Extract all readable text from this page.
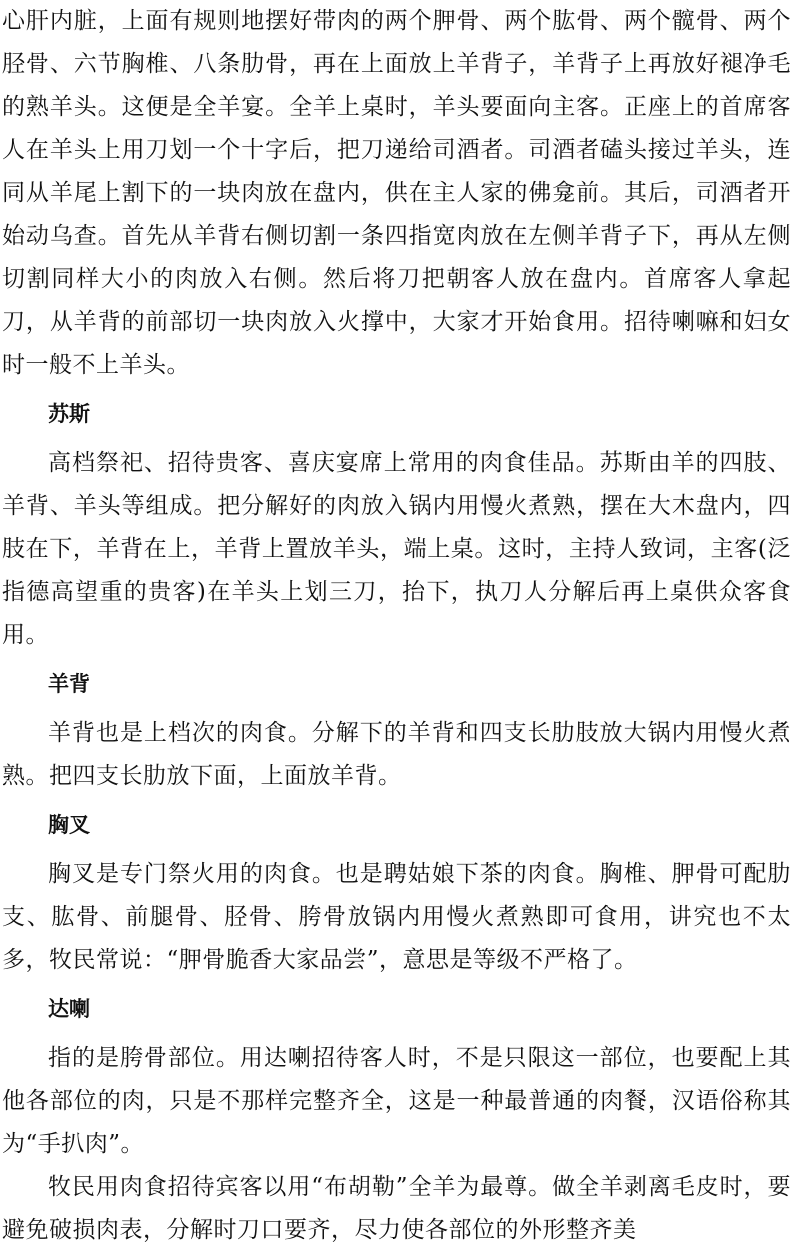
心肝内脏，上面有规则地摆好带肉的两个胛骨、两个肱骨、两个髋骨、两个胫骨、六节胸椎、八条肋骨，再在上面放上羊背子，羊背子上再放好褪净毛的熟羊头。这便是全羊宴。全羊上桌时，羊头要面向主客。正座上的首席客人在羊头上用刀划一个十字后，把刀递给司酒者。司酒者磕头接过羊头，连同从羊尾上割下的一块肉放在盘内，供在主人家的佛龛前。其后，司酒者开始动乌查。首先从羊背右侧切割一条四指宽肉放在左侧羊背子下，再从左侧切割同样大小的肉放入右侧。然后将刀把朝客人放在盘内。首席客人拿起刀，从羊背的前部切一块肉放入火撑中，大家才开始食用。招待喇嘛和妇女时一般不上羊头。

苏斯

高档祭祀、招待贵客、喜庆宴席上常用的肉食佳品。苏斯由羊的四肢、羊背、羊头等组成。把分解好的肉放入锅内用慢火煮熟，摆在大木盘内，四肢在下，羊背在上，羊背上置放羊头，端上桌。这时，主持人致词，主客(泛指德高望重的贵客)在羊头上划三刀，抬下，执刀人分解后再上桌供众客食用。

羊背

羊背也是上档次的肉食。分解下的羊背和四支长肋肢放大锅内用慢火煮熟。把四支长肋放下面，上面放羊背。

胸叉

胸叉是专门祭火用的肉食。也是聘姑娘下茶的肉食。胸椎、胛骨可配肋支、肱骨、前腿骨、胫骨、胯骨放锅内用慢火煮熟即可食用，讲究也不太多，牧民常说：“胛骨脆香大家品尝”，意思是等级不严格了。

达喇

指的是胯骨部位。用达喇招待客人时，不是只限这一部位，也要配上其他各部位的肉，只是不那样完整齐全，这是一种最普通的肉餐，汉语俗称其为“手扒肉”。

牧民用肉食招待宾客以用“布胡勒”全羊为最尊。做全羊剥离毛皮时，要避免破损肉表，分解时刀口要齐，尽力使各部位的外形整齐美
